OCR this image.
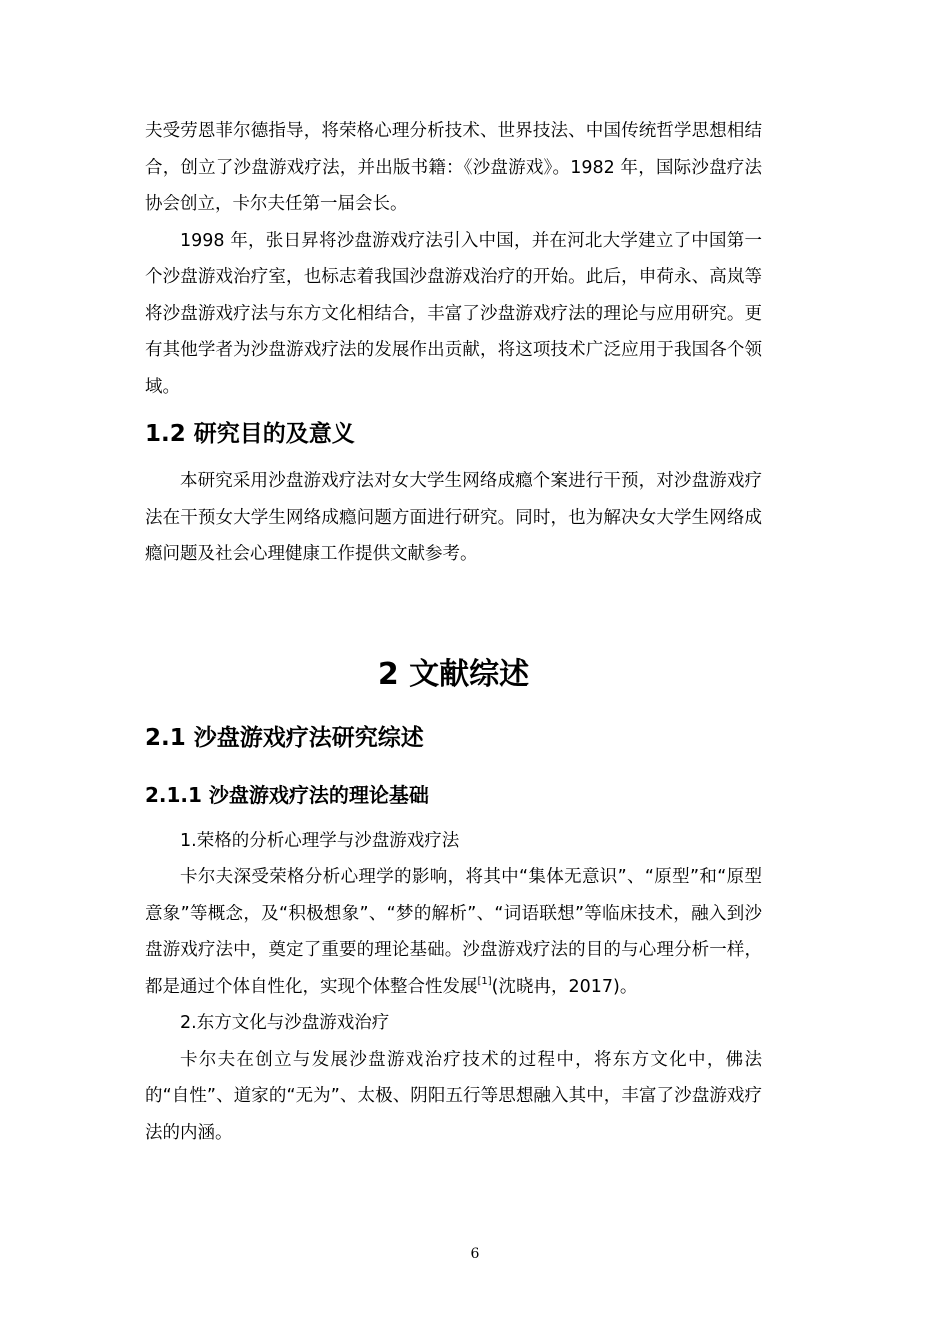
夫受劳恩菲尔德指导，将荣格心理分析技术、世界技法、中国传统哲学思想相结合，创立了沙盘游戏疗法，并出版书籍：《沙盘游戏》。1982 年，国际沙盘疗法协会创立，卡尔夫任第一届会长。

1998 年，张日昇将沙盘游戏疗法引入中国，并在河北大学建立了中国第一个沙盘游戏治疗室，也标志着我国沙盘游戏治疗的开始。此后，申荷永、高岚等将沙盘游戏疗法与东方文化相结合，丰富了沙盘游戏疗法的理论与应用研究。更有其他学者为沙盘游戏疗法的发展作出贡献，将这项技术广泛应用于我国各个领域。

1.2 研究目的及意义

本研究采用沙盘游戏疗法对女大学生网络成瘾个案进行干预，对沙盘游戏疗法在干预女大学生网络成瘾问题方面进行研究。同时，也为解决女大学生网络成瘾问题及社会心理健康工作提供文献参考。

2 文献综述
2.1 沙盘游戏疗法研究综述
2.1.1 沙盘游戏疗法的理论基础

1.荣格的分析心理学与沙盘游戏疗法

卡尔夫深受荣格分析心理学的影响，将其中“集体无意识”、“原型”和“原型意象”等概念，及“积极想象”、“梦的解析”、“词语联想”等临床技术，融入到沙盘游戏疗法中，奠定了重要的理论基础。沙盘游戏疗法的目的与心理分析一样，都是通过个体自性化，实现个体整合性发展[1](沈晓冉，2017)。

2.东方文化与沙盘游戏治疗

卡尔夫在创立与发展沙盘游戏治疗技术的过程中，将东方文化中，佛法的“自性”、道家的“无为”、太极、阴阳五行等思想融入其中，丰富了沙盘游戏疗法的内涵。

6
